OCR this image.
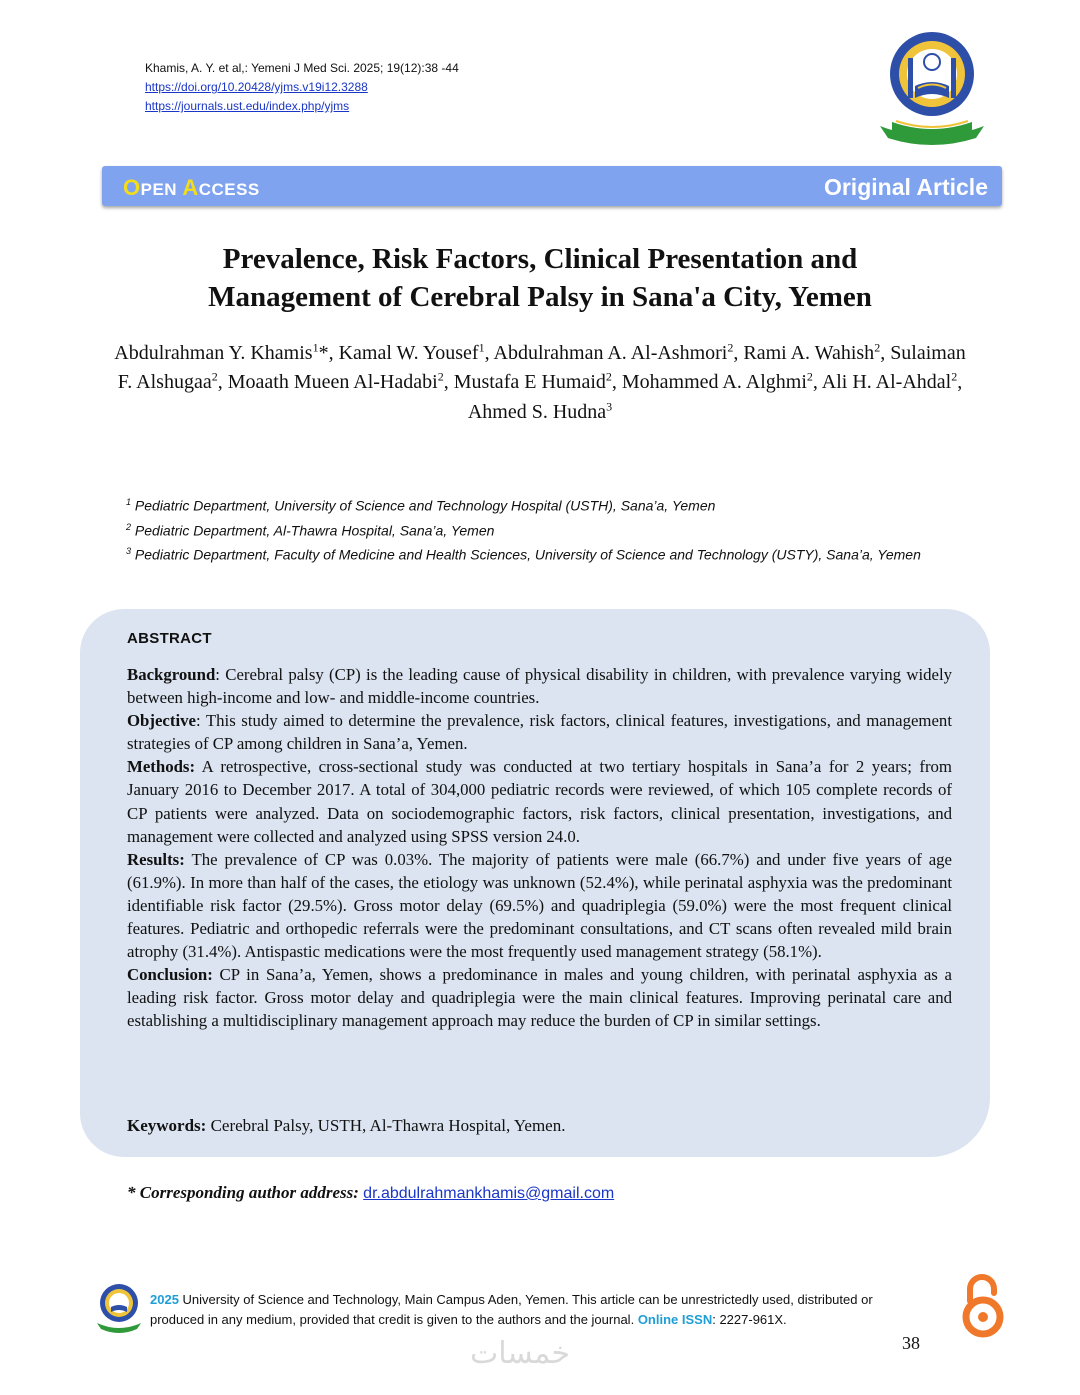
Khamis, A. Y. et al,: Yemeni J Med Sci. 2025; 19(12):38 -44

https://doi.org/10.20428/yjms.v19i12.3288
https://journals.ust.edu/index.php/yjms
OPEN ACCESS	Original Article
Prevalence, Risk Factors, Clinical Presentation and
Management of Cerebral Palsy in Sana'a City, Yemen
Abdulrahman Y. Khamis$^1$*, Kamal W. Yousef$^1$, Abdulrahman A. Al-Ashmori$^2$, Rami A. Wahish$^2$, Sulaiman F. Alshugaa$^2$, Moaath Mueen Al-Hadabi$^2$, Mustafa E Humaid$^2$, Mohammed A. Alghmi$^2$, Ali H. Al-Ahdal$^2$, Ahmed S. Hudna$^3$
$^1$ Pediatric Department, University of Science and Technology Hospital (USTH), Sana’a, Yemen
$^2$ Pediatric Department, Al-Thawra Hospital, Sana’a, Yemen
$^3$ Pediatric Department, Faculty of Medicine and Health Sciences, University of Science and Technology (USTY), Sana’a, Yemen
ABSTRACT

Background: Cerebral palsy (CP) is the leading cause of physical disability in children, with prevalence varying widely between high-income and low- and middle-income countries.

Objective: This study aimed to determine the prevalence, risk factors, clinical features, investigations, and management strategies of CP among children in Sana’a, Yemen.

Methods: A retrospective, cross-sectional study was conducted at two tertiary hospitals in Sana’a for 2 years; from January 2016 to December 2017. A total of 304,000 pediatric records were reviewed, of which 105 complete records of CP patients were analyzed. Data on sociodemographic factors, risk factors, clinical presentation, investigations, and management were collected and analyzed using SPSS version 24.0.

Results: The prevalence of CP was 0.03%. The majority of patients were male (66.7%) and under five years of age (61.9%). In more than half of the cases, the etiology was unknown (52.4%), while perinatal asphyxia was the predominant identifiable risk factor (29.5%). Gross motor delay (69.5%) and quadriplegia (59.0%) were the most frequent clinical features. Pediatric and orthopedic referrals were the predominant consultations, and CT scans often revealed mild brain atrophy (31.4%). Antispastic medications were the most frequently used management strategy (58.1%).

Conclusion: CP in Sana’a, Yemen, shows a predominance in males and young children, with perinatal asphyxia as a leading risk factor. Gross motor delay and quadriplegia were the main clinical features. Improving perinatal care and establishing a multidisciplinary management approach may reduce the burden of CP in similar settings.

Keywords: Cerebral Palsy, USTH, Al-Thawra Hospital, Yemen.
* Corresponding author address: dr.abdulrahmankhamis@gmail.com
2025 University of Science and Technology, Main Campus Aden, Yemen. This article can be unrestrictedly used, distributed or
produced in any medium, provided that credit is given to the authors and the journal. Online ISSN: 2227-961X.
38
خمسات
